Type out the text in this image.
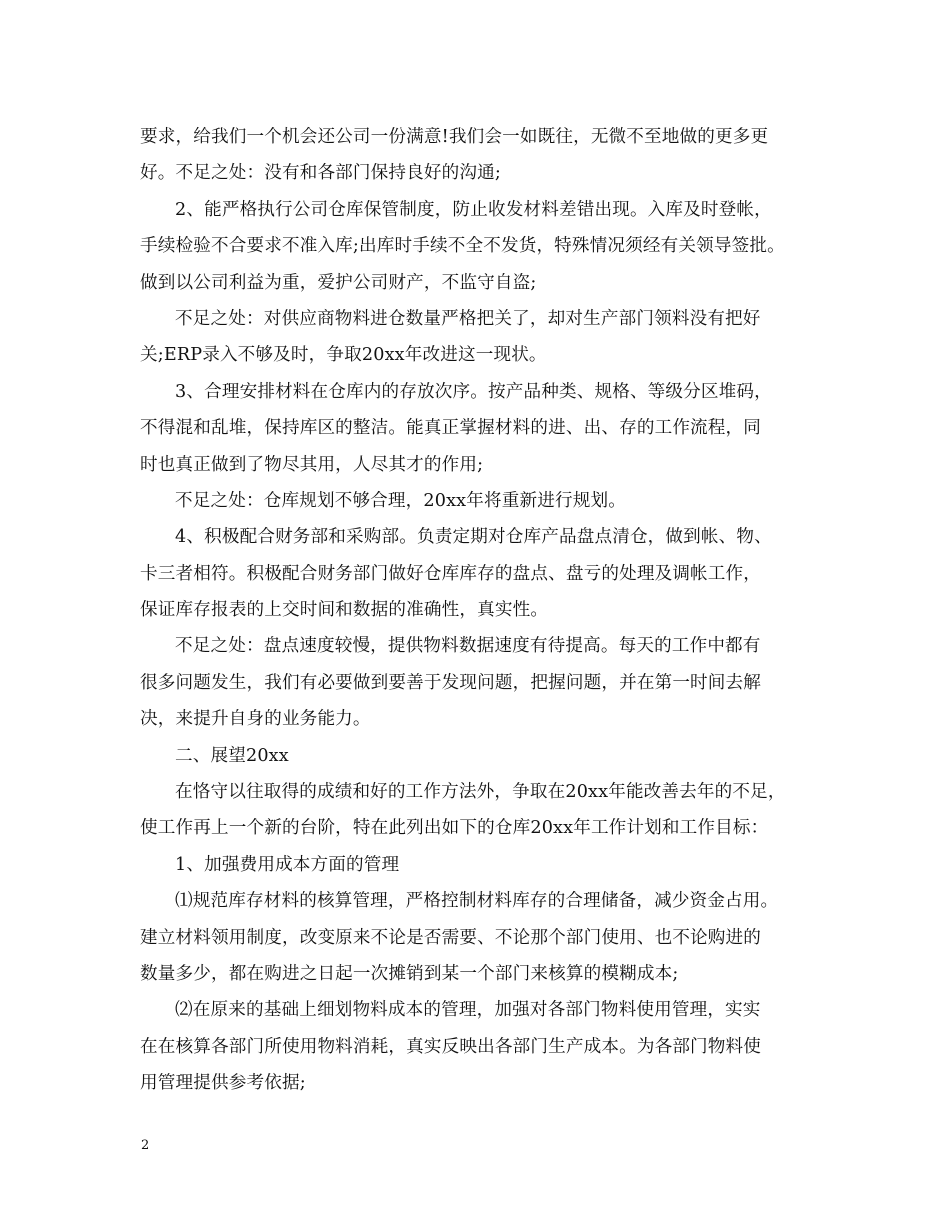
要求，给我们一个机会还公司一份满意!我们会一如既往，无微不至地做的更多更
好。不足之处：没有和各部门保持良好的沟通;
2、能严格执行公司仓库保管制度，防止收发材料差错出现。入库及时登帐，
手续检验不合要求不准入库;出库时手续不全不发货，特殊情况须经有关领导签批。
做到以公司利益为重，爱护公司财产，不监守自盗;
不足之处：对供应商物料进仓数量严格把关了，却对生产部门领料没有把好
关;ERP录入不够及时，争取20xx年改进这一现状。
3、合理安排材料在仓库内的存放次序。按产品种类、规格、等级分区堆码，
不得混和乱堆，保持库区的整洁。能真正掌握材料的进、出、存的工作流程，同
时也真正做到了物尽其用，人尽其才的作用;
不足之处：仓库规划不够合理，20xx年将重新进行规划。
4、积极配合财务部和采购部。负责定期对仓库产品盘点清仓，做到帐、物、
卡三者相符。积极配合财务部门做好仓库库存的盘点、盘亏的处理及调帐工作，
保证库存报表的上交时间和数据的准确性，真实性。
不足之处：盘点速度较慢，提供物料数据速度有待提高。每天的工作中都有
很多问题发生，我们有必要做到要善于发现问题，把握问题，并在第一时间去解
决，来提升自身的业务能力。
二、展望20xx
在恪守以往取得的成绩和好的工作方法外，争取在20xx年能改善去年的不足，
使工作再上一个新的台阶，特在此列出如下的仓库20xx年工作计划和工作目标：
1、加强费用成本方面的管理
⑴规范库存材料的核算管理，严格控制材料库存的合理储备，减少资金占用。
建立材料领用制度，改变原来不论是否需要、不论那个部门使用、也不论购进的
数量多少，都在购进之日起一次摊销到某一个部门来核算的模糊成本;
⑵在原来的基础上细划物料成本的管理，加强对各部门物料使用管理，实实
在在核算各部门所使用物料消耗，真实反映出各部门生产成本。为各部门物料使
用管理提供参考依据;
2
